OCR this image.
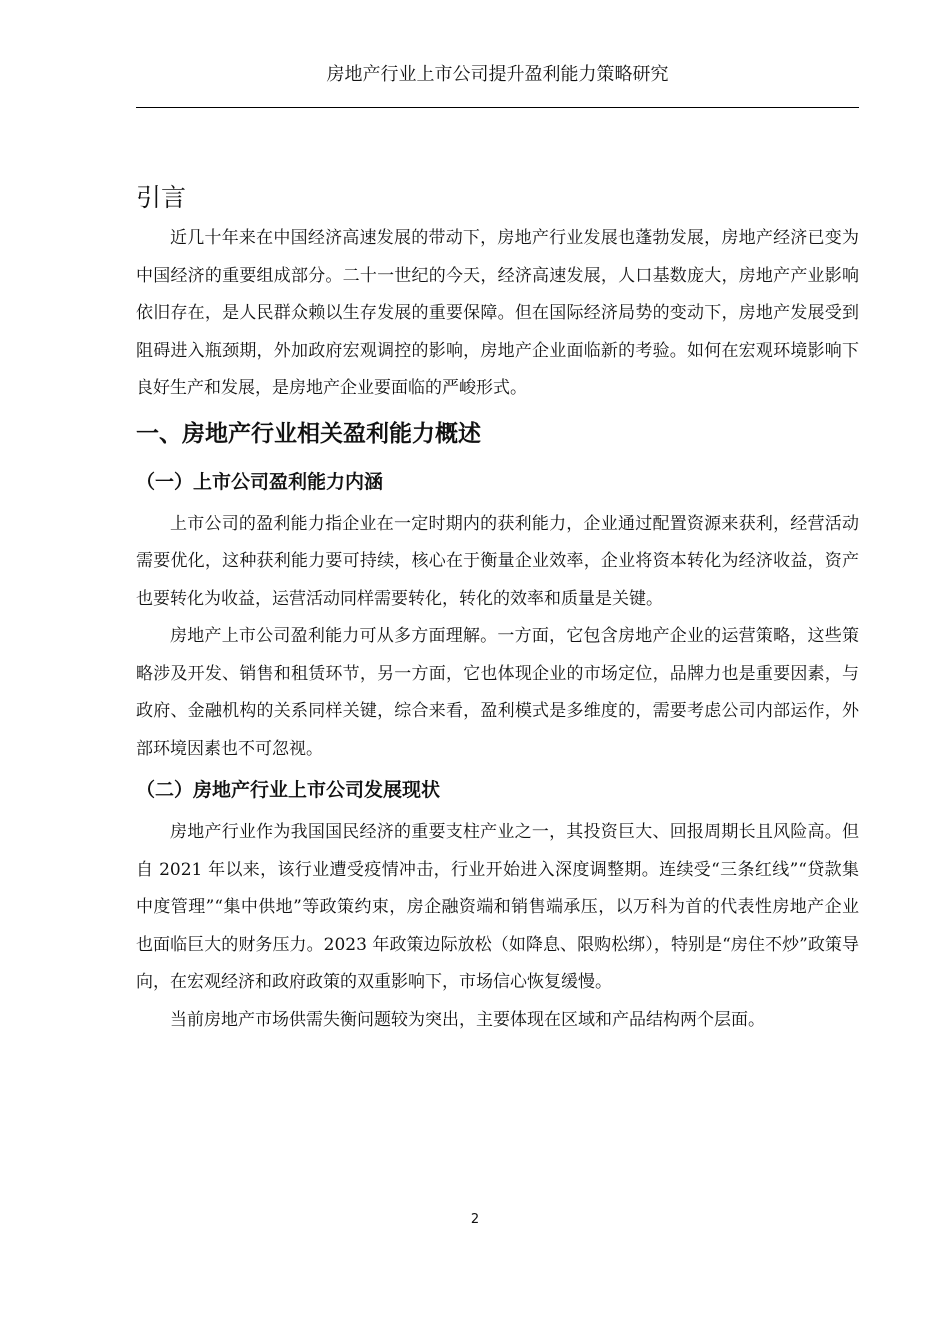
房地产行业上市公司提升盈利能力策略研究
引言

近几十年来在中国经济高速发展的带动下，房地产行业发展也蓬勃发展，房地产经济已变为中国经济的重要组成部分。二十一世纪的今天，经济高速发展，人口基数庞大，房地产产业影响依旧存在，是人民群众赖以生存发展的重要保障。但在国际经济局势的变动下，房地产发展受到阻碍进入瓶颈期，外加政府宏观调控的影响，房地产企业面临新的考验。如何在宏观环境影响下良好生产和发展，是房地产企业要面临的严峻形式。

一、房地产行业相关盈利能力概述
（一）上市公司盈利能力内涵

上市公司的盈利能力指企业在一定时期内的获利能力，企业通过配置资源来获利，经营活动需要优化，这种获利能力要可持续，核心在于衡量企业效率，企业将资本转化为经济收益，资产也要转化为收益，运营活动同样需要转化，转化的效率和质量是关键。

房地产上市公司盈利能力可从多方面理解。一方面，它包含房地产企业的运营策略，这些策略涉及开发、销售和租赁环节，另一方面，它也体现企业的市场定位，品牌力也是重要因素，与政府、金融机构的关系同样关键，综合来看，盈利模式是多维度的，需要考虑公司内部运作，外部环境因素也不可忽视。

（二）房地产行业上市公司发展现状

房地产行业作为我国国民经济的重要支柱产业之一，其投资巨大、回报周期长且风险高。但自 2021 年以来，该行业遭受疫情冲击，行业开始进入深度调整期。连续受“三条红线”“贷款集中度管理”“集中供地”等政策约束，房企融资端和销售端承压，以万科为首的代表性房地产企业也面临巨大的财务压力。2023 年政策边际放松（如降息、限购松绑），特别是“房住不炒”政策导向，在宏观经济和政府政策的双重影响下，市场信心恢复缓慢。

当前房地产市场供需失衡问题较为突出，主要体现在区域和产品结构两个层面。

2
